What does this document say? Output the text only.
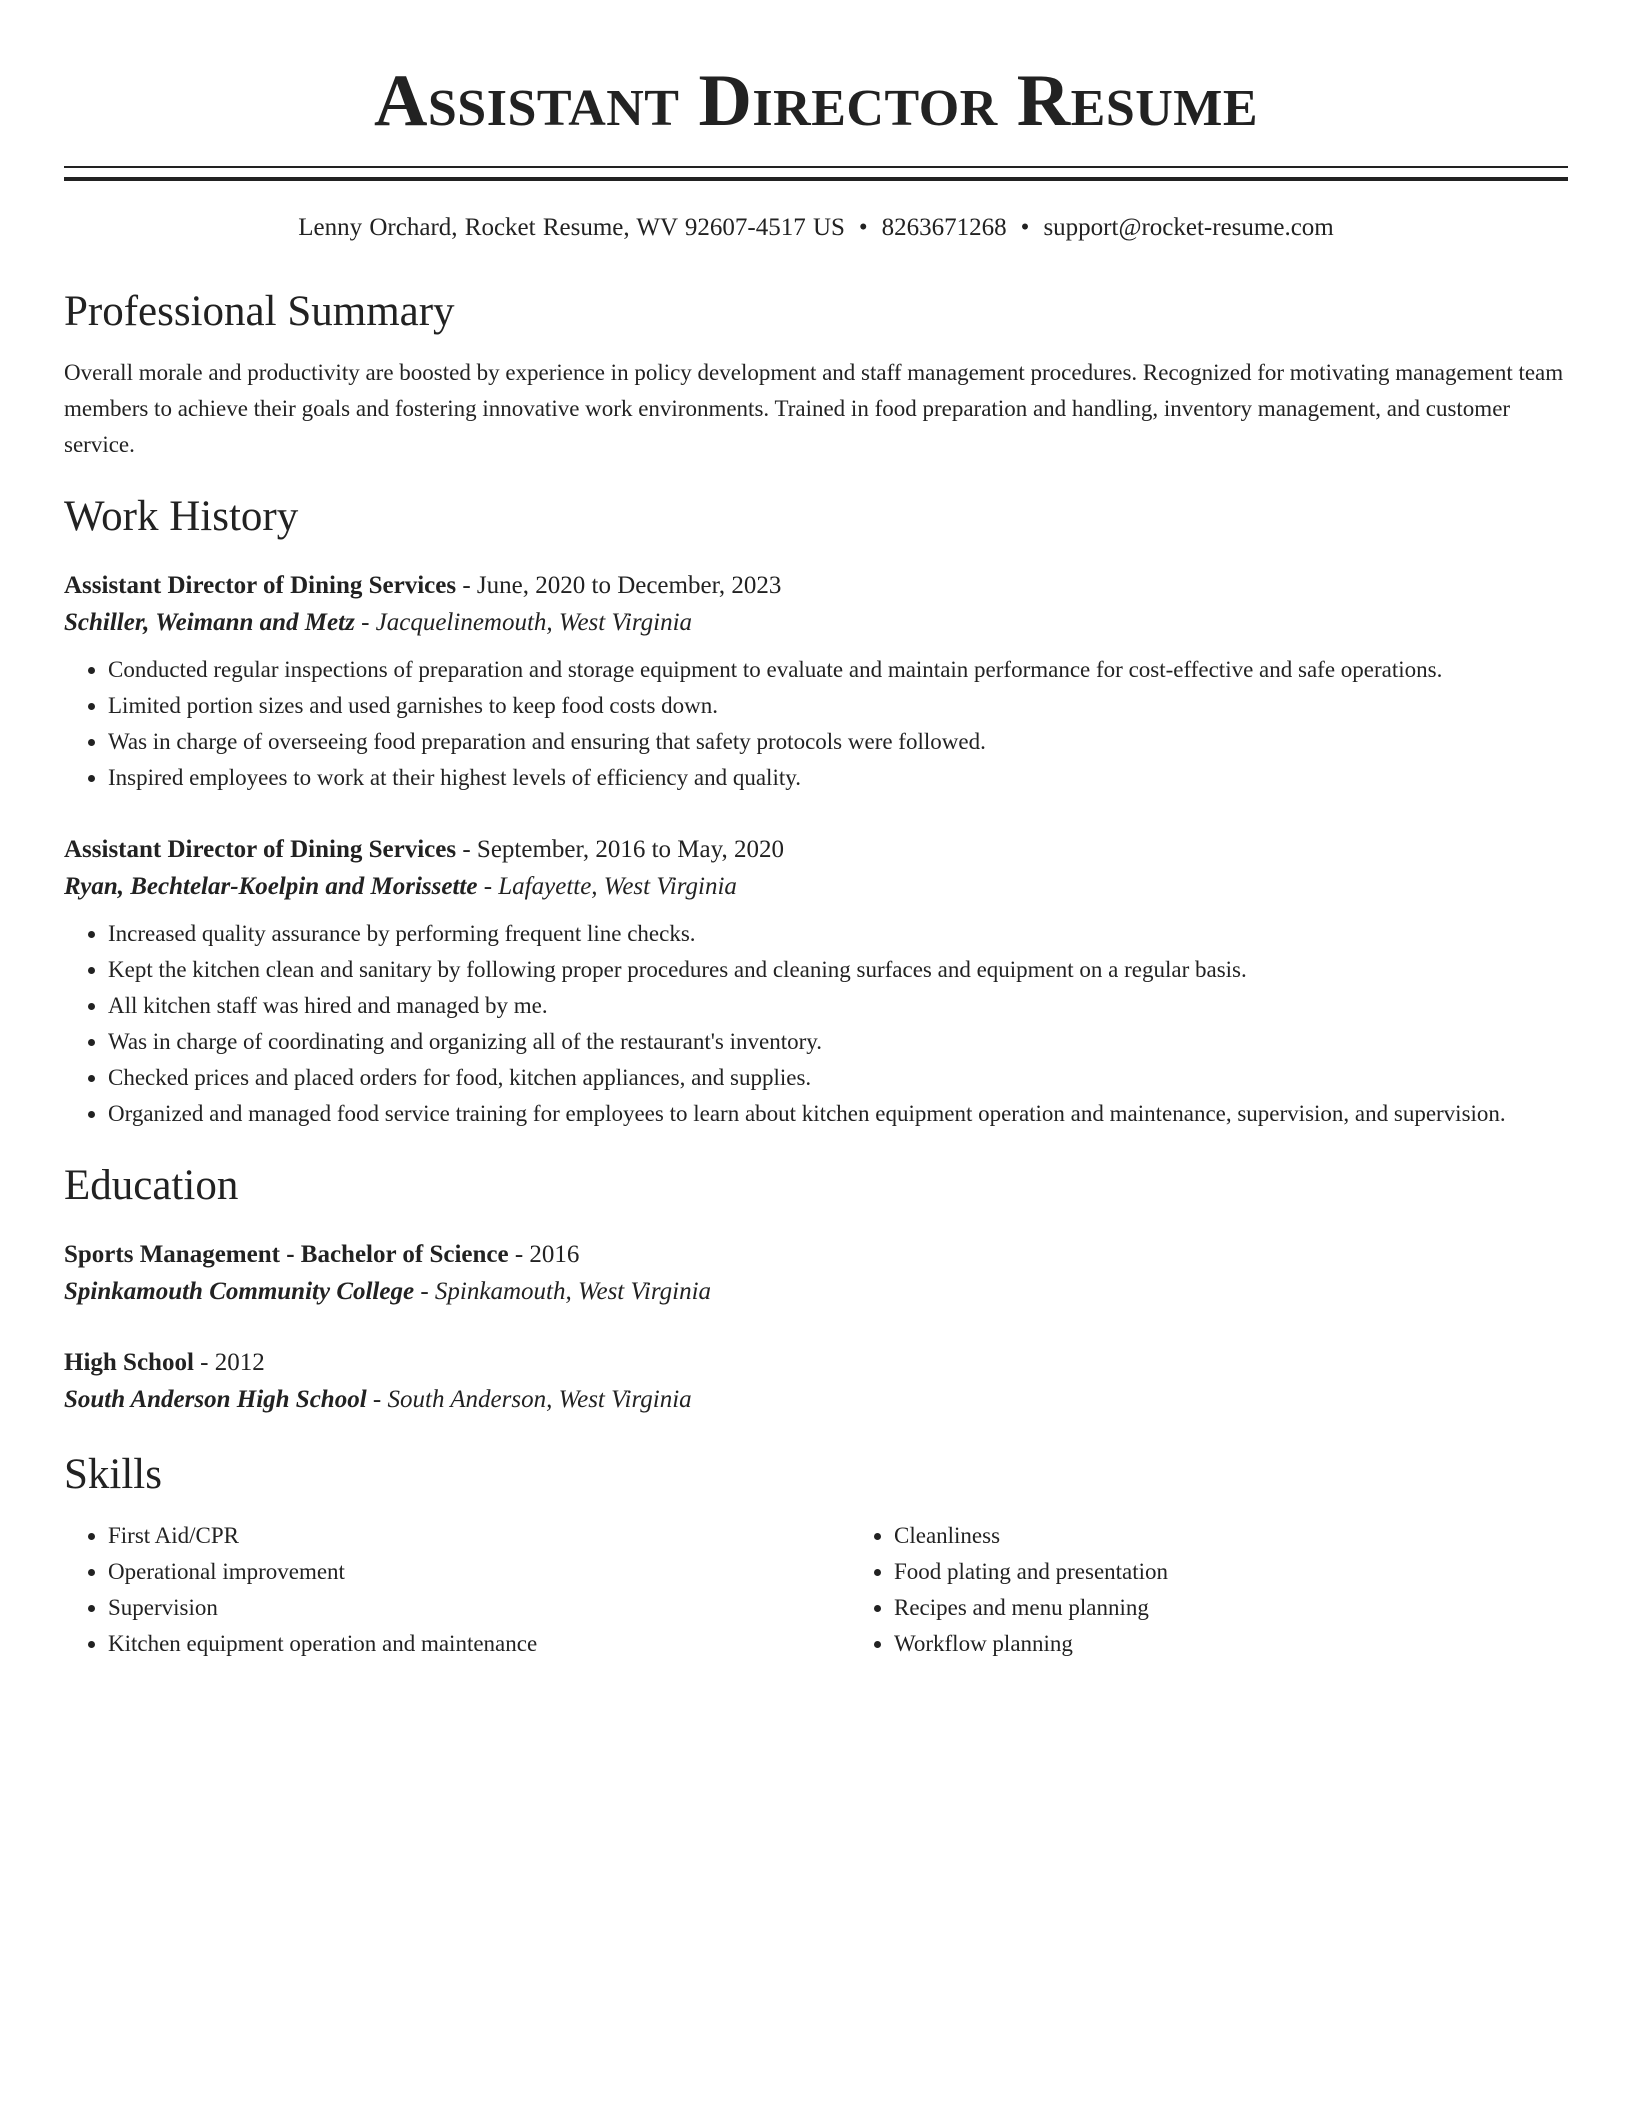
Assistant Director Resume
Lenny Orchard, Rocket Resume, WV 92607-4517 US • 8263671268 • support@rocket-resume.com
Professional Summary

Overall morale and productivity are boosted by experience in policy development and staff management procedures. Recognized for motivating management team members to achieve their goals and fostering innovative work environments. Trained in food preparation and handling, inventory management, and customer service.

Work History
Assistant Director of Dining Services - June, 2020 to December, 2023
Schiller, Weimann and Metz - Jacquelinemouth, West Virginia
• Conducted regular inspections of preparation and storage equipment to evaluate and maintain performance for cost-effective and safe operations.
• Limited portion sizes and used garnishes to keep food costs down.
• Was in charge of overseeing food preparation and ensuring that safety protocols were followed.
• Inspired employees to work at their highest levels of efficiency and quality.
Assistant Director of Dining Services - September, 2016 to May, 2020
Ryan, Bechtelar-Koelpin and Morissette - Lafayette, West Virginia
• Increased quality assurance by performing frequent line checks.
• Kept the kitchen clean and sanitary by following proper procedures and cleaning surfaces and equipment on a regular basis.
• All kitchen staff was hired and managed by me.
• Was in charge of coordinating and organizing all of the restaurant's inventory.
• Checked prices and placed orders for food, kitchen appliances, and supplies.
• Organized and managed food service training for employees to learn about kitchen equipment operation and maintenance, supervision, and supervision.
Education
Sports Management - Bachelor of Science - 2016
Spinkamouth Community College - Spinkamouth, West Virginia
High School - 2012
South Anderson High School - South Anderson, West Virginia
Skills
• First Aid/CPR
• Operational improvement
• Supervision
• Kitchen equipment operation and maintenance
• Cleanliness
• Food plating and presentation
• Recipes and menu planning
• Workflow planning
